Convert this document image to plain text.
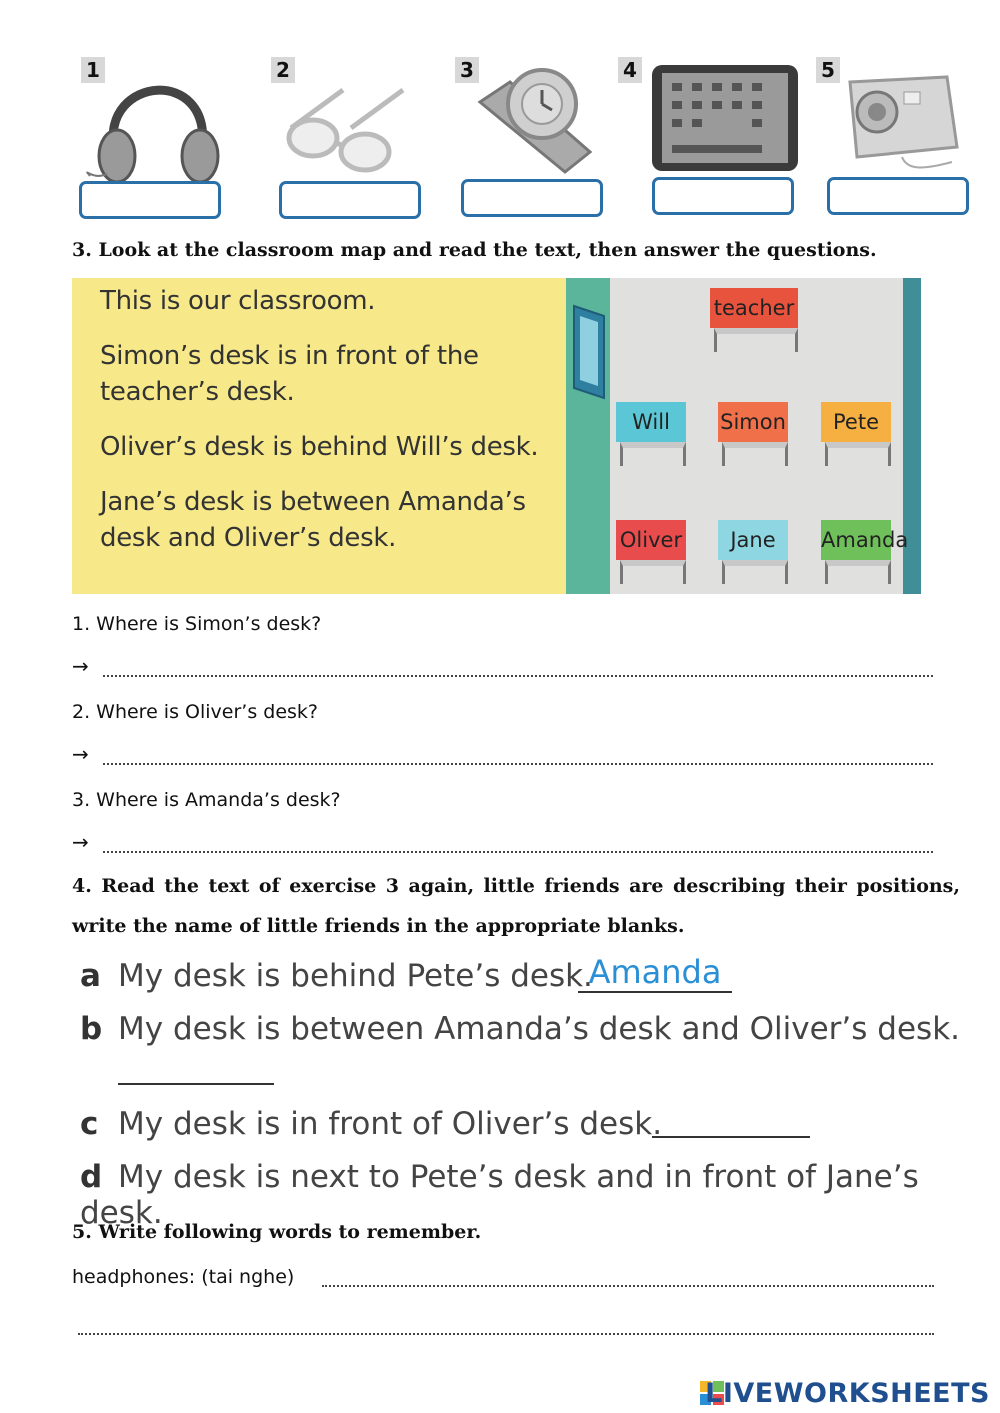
1	2	3	4	5
3. Look at the classroom map and read the text, then answer the questions.
This is our classroom.
Simon’s desk is in front of the
teacher’s desk.
Oliver’s desk is behind Will’s desk.
Jane’s desk is between Amanda’s
desk and Oliver’s desk.
teacher
Will	Simon	Pete
Oliver	Jane	Amanda
1. Where is Simon’s desk?
→
2. Where is Oliver’s desk?
→
3. Where is Amanda’s desk?
→
4. Read the text of exercise 3 again, little friends are describing their positions,
write the name of little friends in the appropriate blanks.
a My desk is behind Pete’s desk.
Amanda
b My desk is between Amanda’s desk and Oliver’s desk.
c My desk is in front of Oliver’s desk.
d My desk is next to Pete’s desk and in front of Jane’s desk.
5. Write following words to remember.
headphones: (tai nghe)
LIVEWORKSHEETS
